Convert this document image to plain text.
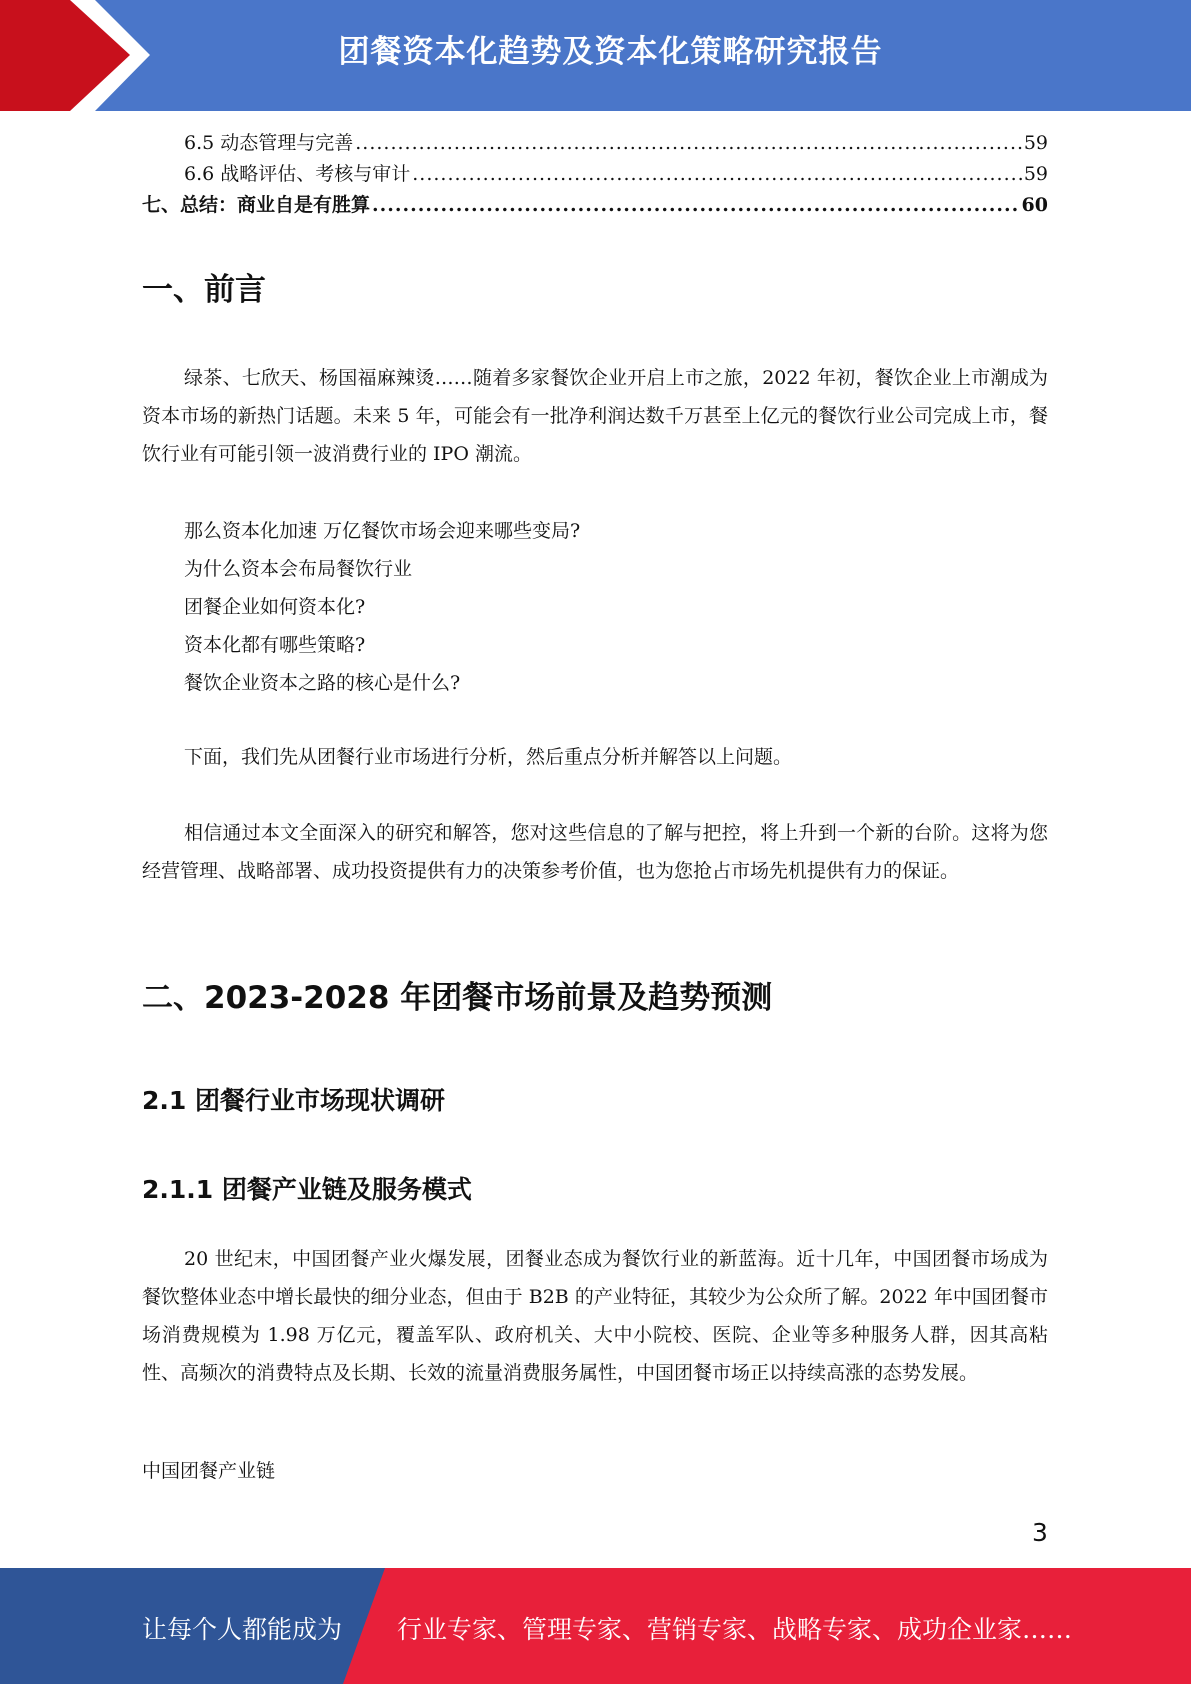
团餐资本化趋势及资本化策略研究报告
6.5 动态管理与完善 .....	59
6.6 战略评估、考核与审计 .....	59
七、总结：商业自是有胜算 .....	60
一、前言

绿茶、七欣天、杨国福麻辣烫……随着多家餐饮企业开启上市之旅，2022 年初，餐饮企业上市潮成为资本市场的新热门话题。未来 5 年，可能会有一批净利润达数千万甚至上亿元的餐饮行业公司完成上市，餐饮行业有可能引领一波消费行业的 IPO 潮流。

那么资本化加速 万亿餐饮市场会迎来哪些变局?
为什么资本会布局餐饮行业
团餐企业如何资本化?
资本化都有哪些策略?
餐饮企业资本之路的核心是什么?

下面，我们先从团餐行业市场进行分析，然后重点分析并解答以上问题。

相信通过本文全面深入的研究和解答，您对这些信息的了解与把控，将上升到一个新的台阶。这将为您经营管理、战略部署、成功投资提供有力的决策参考价值，也为您抢占市场先机提供有力的保证。

二、2023-2028 年团餐市场前景及趋势预测
2.1 团餐行业市场现状调研
2.1.1 团餐产业链及服务模式

20 世纪末，中国团餐产业火爆发展，团餐业态成为餐饮行业的新蓝海。近十几年，中国团餐市场成为餐饮整体业态中增长最快的细分业态，但由于 B2B 的产业特征，其较少为公众所了解。2022 年中国团餐市场消费规模为 1.98 万亿元，覆盖军队、政府机关、大中小院校、医院、企业等多种服务人群，因其高粘性、高频次的消费特点及长期、长效的流量消费服务属性，中国团餐市场正以持续高涨的态势发展。

中国团餐产业链

3
让每个人都能成为 行业专家、管理专家、营销专家、战略专家、成功企业家……
